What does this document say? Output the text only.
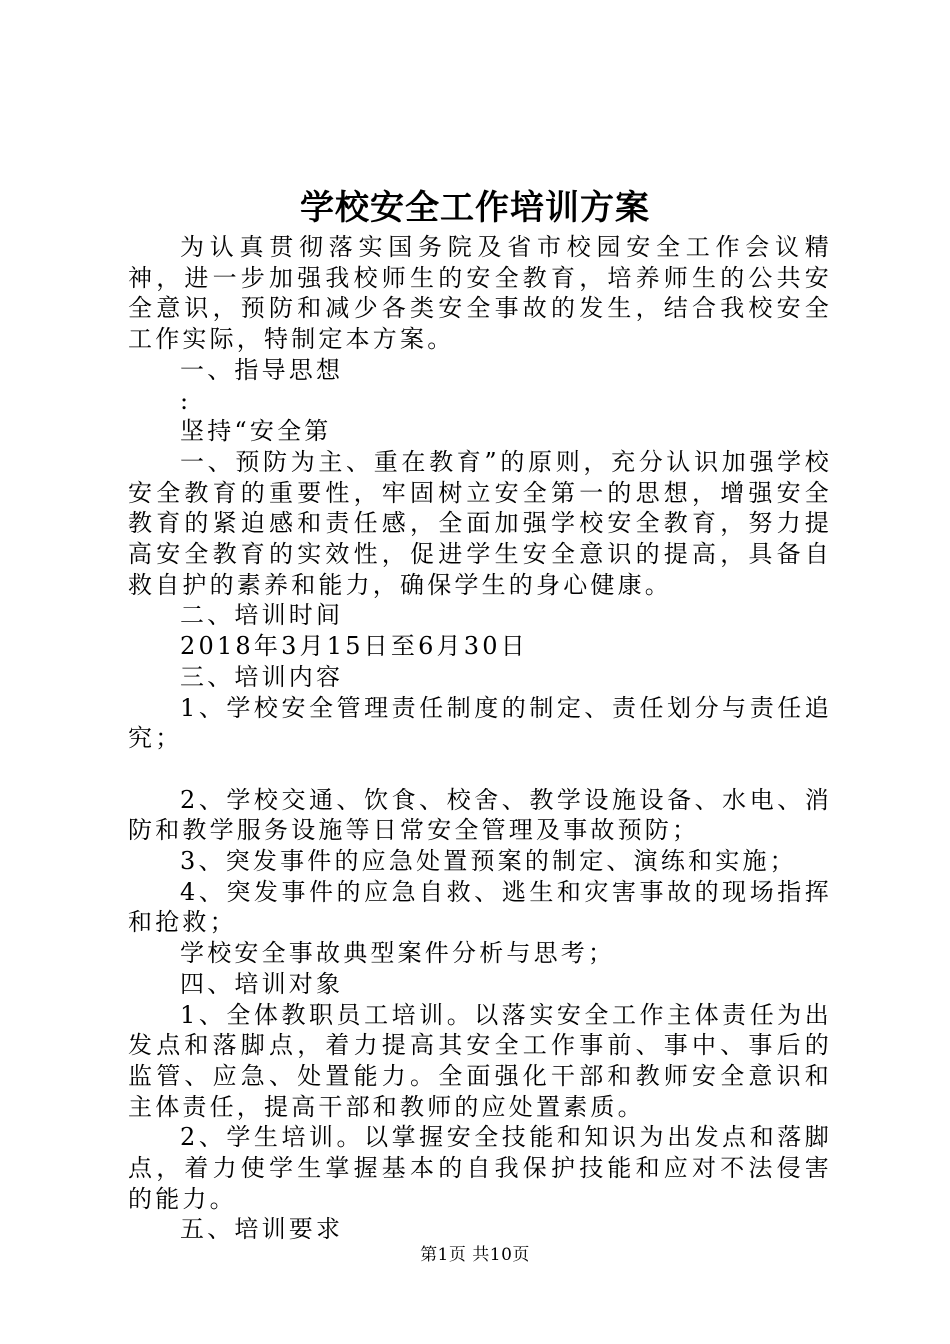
学校安全工作培训方案

为认真贯彻落实国务院及省市校园安全工作会议精神，进一步加强我校师生的安全教育，培养师生的公共安全意识，预防和减少各类安全事故的发生，结合我校安全工作实际，特制定本方案。

一、指导思想

:

坚持“安全第

一、预防为主、重在教育”的原则，充分认识加强学校安全教育的重要性，牢固树立安全第一的思想，增强安全教育的紧迫感和责任感，全面加强学校安全教育，努力提高安全教育的实效性，促进学生安全意识的提高，具备自救自护的素养和能力，确保学生的身心健康。

二、培训时间

2018年3月15日至6月30日

三、培训内容

1、学校安全管理责任制度的制定、责任划分与责任追究；

2、学校交通、饮食、校舍、教学设施设备、水电、消防和教学服务设施等日常安全管理及事故预防；

3、突发事件的应急处置预案的制定、演练和实施；

4、突发事件的应急自救、逃生和灾害事故的现场指挥和抢救；

学校安全事故典型案件分析与思考；

四、培训对象

1、全体教职员工培训。以落实安全工作主体责任为出发点和落脚点，着力提高其安全工作事前、事中、事后的监管、应急、处置能力。全面强化干部和教师安全意识和主体责任，提高干部和教师的应处置素质。

2、学生培训。以掌握安全技能和知识为出发点和落脚点，着力使学生掌握基本的自我保护技能和应对不法侵害的能力。

五、培训要求

第1页 共10页
